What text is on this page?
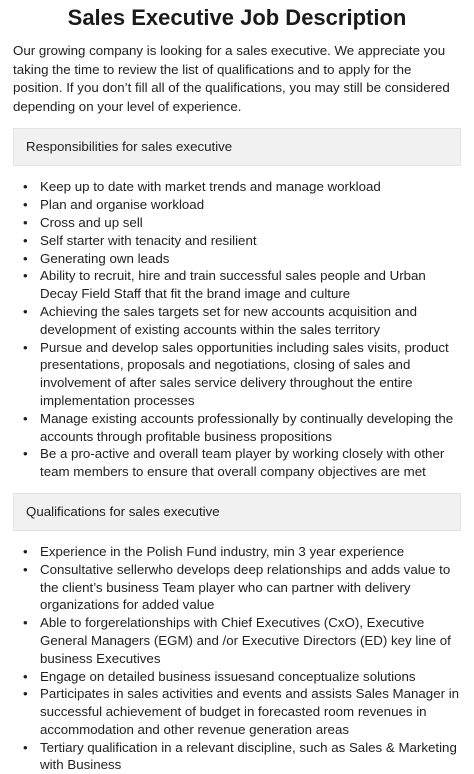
Sales Executive Job Description

Our growing company is looking for a sales executive. We appreciate you taking the time to review the list of qualifications and to apply for the position. If you don’t fill all of the qualifications, you may still be considered depending on your level of experience.

Responsibilities for sales executive
• Keep up to date with market trends and manage workload
• Plan and organise workload
• Cross and up sell
• Self starter with tenacity and resilient
• Generating own leads
• Ability to recruit, hire and train successful sales people and Urban Decay Field Staff that fit the brand image and culture
• Achieving the sales targets set for new accounts acquisition and development of existing accounts within the sales territory
• Pursue and develop sales opportunities including sales visits, product presentations, proposals and negotiations, closing of sales and involvement of after sales service delivery throughout the entire implementation processes
• Manage existing accounts professionally by continually developing the accounts through profitable business propositions
• Be a pro-active and overall team player by working closely with other team members to ensure that overall company objectives are met
Qualifications for sales executive
• Experience in the Polish Fund industry, min 3 year experience
• Consultative sellerwho develops deep relationships and adds value to the client’s business Team player who can partner with delivery organizations for added value
• Able to forgerelationships with Chief Executives (CxO), Executive General Managers (EGM) and /or Executive Directors (ED) key line of business Executives
• Engage on detailed business issuesand conceptualize solutions
• Participates in sales activities and events and assists Sales Manager in successful achievement of budget in forecasted room revenues in accommodation and other revenue generation areas
• Tertiary qualification in a relevant discipline, such as Sales & Marketing with Business
